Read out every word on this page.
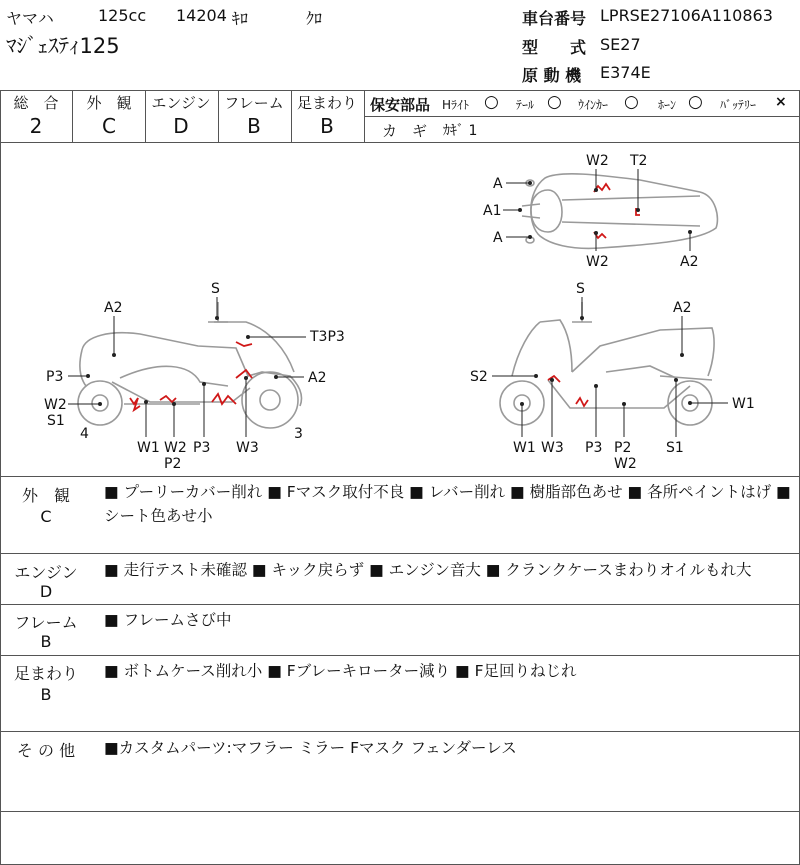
ヤマハ	125cc 14204 ｷﾛ	ｸﾛ
ﾏｼﾞｪｽﾃｨ125
車台番号 LPRSE27106A110863
型　　式 SE27
原 動 機 E374E
総　合
2
外　観
C
エンジン
D
フレーム
B
足まわり
B
保安部品 Hﾗｲﾄ ○ ﾃｰﾙ ○ ｳｲﾝｶｰ ○ ﾎｰﾝ ○ ﾊﾞｯﾃﾘｰ ×
カ　ギ ｶｷﾞ 1
A
A1
A
W2 T2
W2	A2
A2
S
T3P3
P3	A2
W2
S1
4
W1 W2
P2
P3 W3
3
S
A2
S2
W1
W1 W3 P3 P2
W2
S1
外　観
C
■ プーリーカバー削れ ■ Fマスク取付不良 ■ レバー削れ ■ 樹脂部色あせ ■ 各所ペイントはげ ■ シート色あせ小
エンジン
D
■ 走行テスト未確認 ■ キック戻らず ■ エンジン音大 ■ クランクケースまわりオイルもれ大
フレーム
B
■ フレームさび中
足まわり
B
■ ボトムケース削れ小 ■ Fブレーキローター減り ■ F足回りねじれ
そ の 他	■カスタムパーツ:マフラー ミラー Fマスク フェンダーレス
